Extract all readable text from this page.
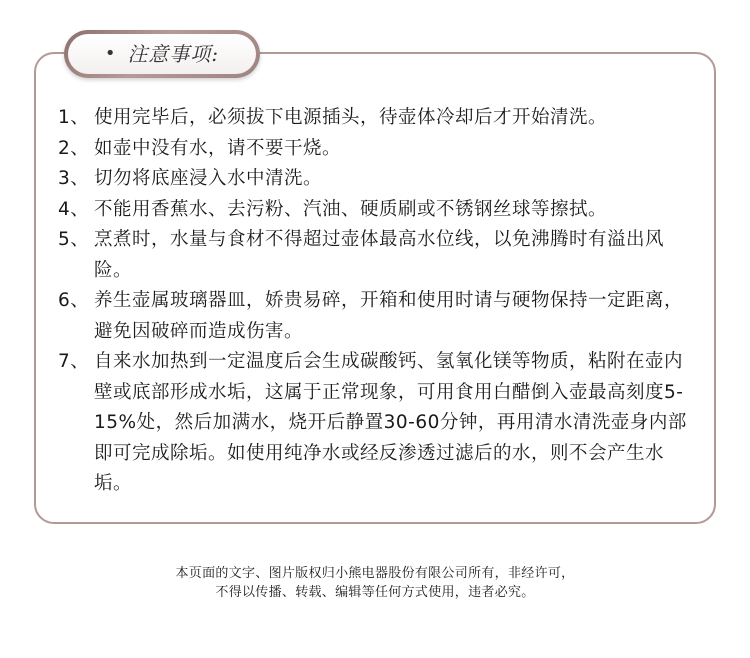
• 注意事项:
1、 使用完毕后，必须拔下电源插头，待壶体冷却后才开始清洗。
2、 如壶中没有水，请不要干烧。
3、 切勿将底座浸入水中清洗。
4、 不能用香蕉水、去污粉、汽油、硬质刷或不锈钢丝球等擦拭。
5、 烹煮时，水量与食材不得超过壶体最高水位线，以免沸腾时有溢出风险。
6、 养生壶属玻璃器皿，娇贵易碎，开箱和使用时请与硬物保持一定距离，避免因破碎而造成伤害。
7、 自来水加热到一定温度后会生成碳酸钙、氢氧化镁等物质，粘附在壶内壁或底部形成水垢，这属于正常现象，可用食用白醋倒入壶最高刻度5-15%处，然后加满水，烧开后静置30-60分钟，再用清水清洗壶身内部即可完成除垢。如使用纯净水或经反渗透过滤后的水，则不会产生水垢。
本页面的文字、图片版权归小熊电器股份有限公司所有，非经许可，
不得以传播、转载、编辑等任何方式使用，违者必究。
